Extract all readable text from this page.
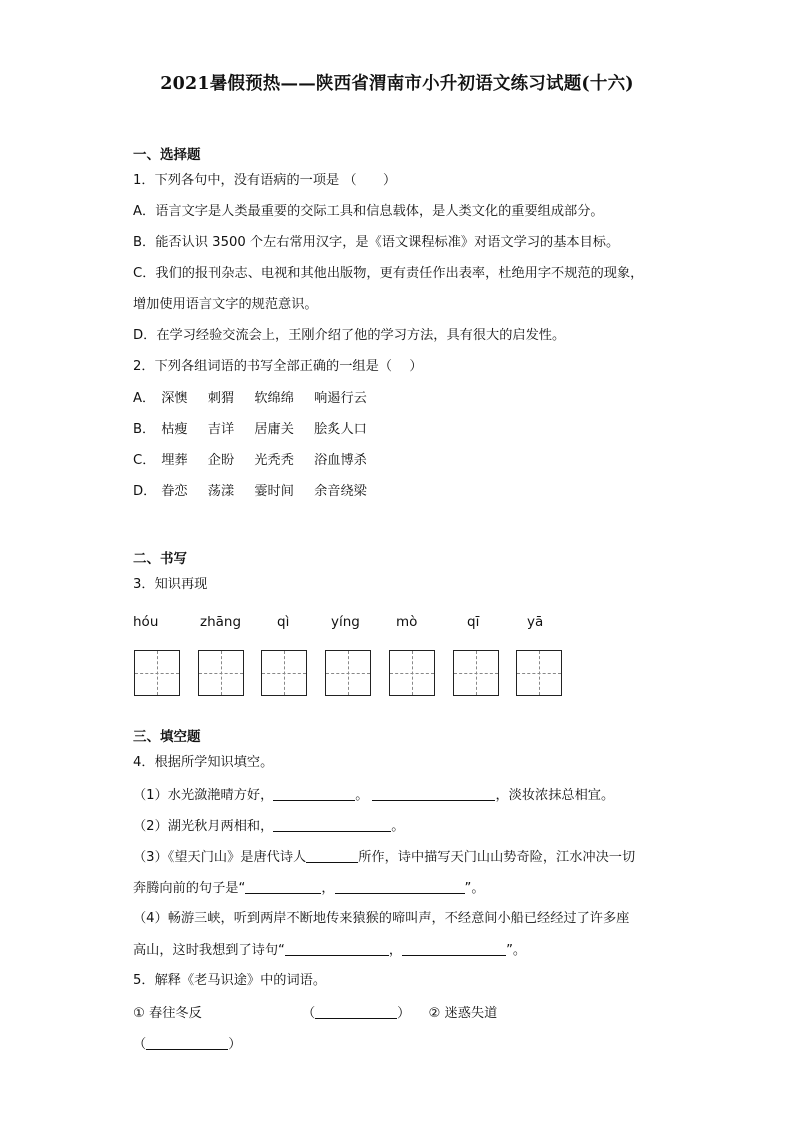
2021暑假预热——陕西省渭南市小升初语文练习试题(十六)
一、选择题
1．下列各句中，没有语病的一项是 （　　）
A．语言文字是人类最重要的交际工具和信息载体，是人类文化的重要组成部分。
B．能否认识 3500 个左右常用汉字，是《语文课程标准》对语文学习的基本目标。
C．我们的报刊杂志、电视和其他出版物，更有责任作出表率，杜绝用字不规范的现象，
增加使用语言文字的规范意识。
D．在学习经验交流会上，王刚介绍了他的学习方法，具有很大的启发性。
2．下列各组词语的书写全部正确的一组是（　 ）
A． 深懊 刺猬 软绵绵 响遏行云
B． 枯瘦 吉详 居庸关 脍炙人口
C． 埋葬 企盼 光秃秃 浴血博杀
D． 眷恋 荡漾 霎时间 余音绕梁
二、书写
3．知识再现
hóu	zhāng	qì	yíng	mò	qī	yā
三、填空题
4．根据所学知识填空。
（1）水光潋滟晴方好，	。	，淡妆浓抹总相宜。
（2）湖光秋月两相和，	。
（3）《望天门山》是唐代诗人	所作，诗中描写天门山山势奇险，江水冲决一切
奔腾向前的句子是“	，	”。
（4）畅游三峡，听到两岸不断地传来猿猴的啼叫声，不经意间小船已经经过了许多座
高山，这时我想到了诗句“	，	”。
5．解释《老马识途》中的词语。
① 春往冬反	（	） ② 迷惑失道
（	）
